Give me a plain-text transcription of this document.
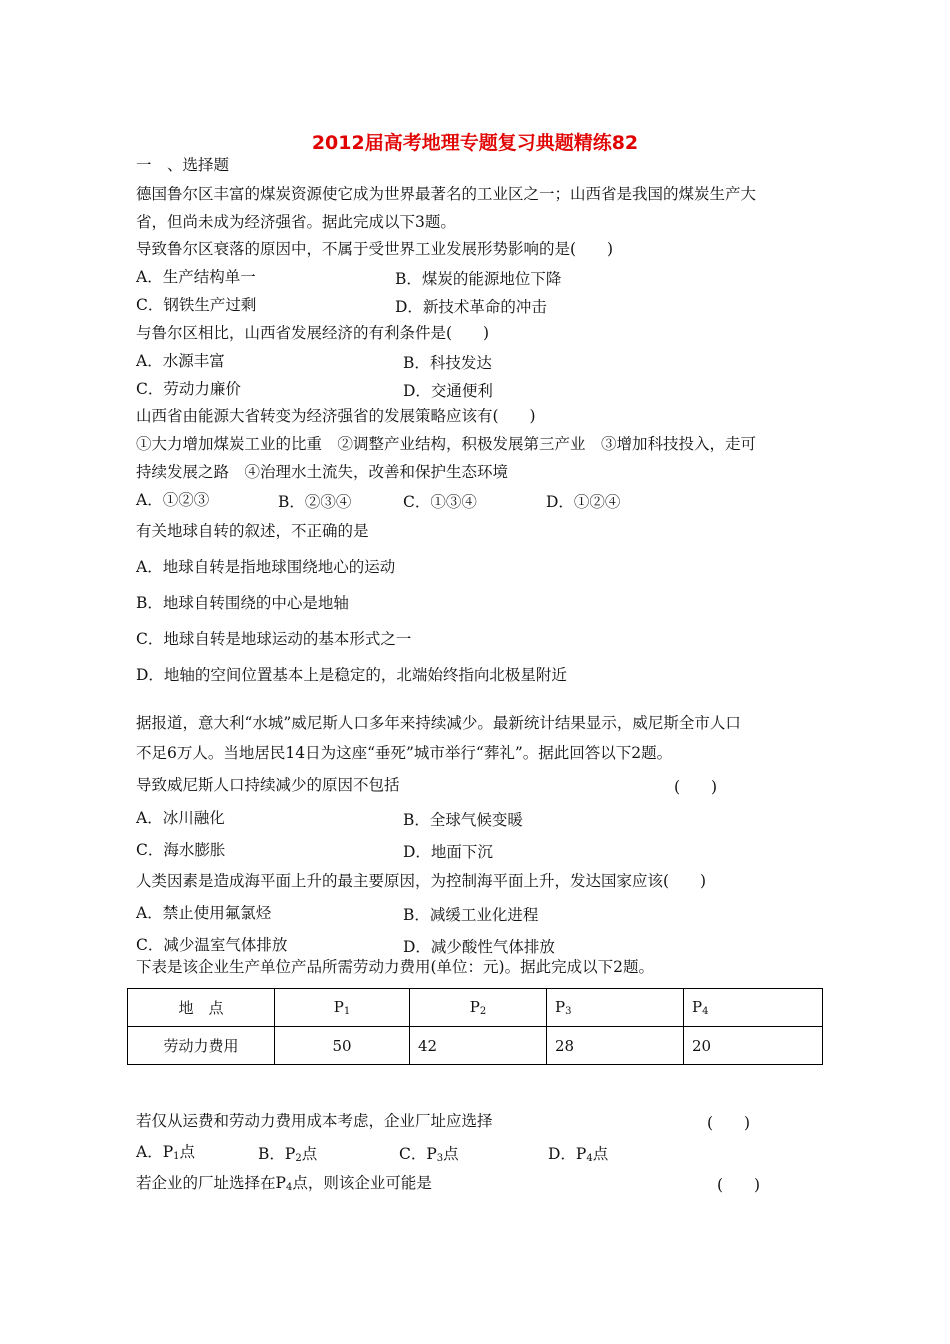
2012届高考地理专题复习典题精练82
一　、选择题
德国鲁尔区丰富的煤炭资源使它成为世界最著名的工业区之一；山西省是我国的煤炭生产大
省，但尚未成为经济强省。据此完成以下3题。
导致鲁尔区衰落的原因中，不属于受世界工业发展形势影响的是(　　)
A．生产结构单一	B．煤炭的能源地位下降
C．钢铁生产过剩	D．新技术革命的冲击
与鲁尔区相比，山西省发展经济的有利条件是(　　)
A．水源丰富	B．科技发达
C．劳动力廉价	D．交通便利
山西省由能源大省转变为经济强省的发展策略应该有(　　)
①大力增加煤炭工业的比重　②调整产业结构，积极发展第三产业　③增加科技投入，走可
持续发展之路　④治理水土流失，改善和保护生态环境
A．①②③	B．②③④	C．①③④	D．①②④
有关地球自转的叙述，不正确的是
A．地球自转是指地球围绕地心的运动
B．地球自转围绕的中心是地轴
C．地球自转是地球运动的基本形式之一
D．地轴的空间位置基本上是稳定的，北端始终指向北极星附近
据报道，意大利“水城”威尼斯人口多年来持续减少。最新统计结果显示，威尼斯全市人口
不足6万人。当地居民14日为这座“垂死”城市举行“葬礼”。据此回答以下2题。
导致威尼斯人口持续减少的原因不包括	(　　)
A．冰川融化	B．全球气候变暖
C．海水膨胀	D．地面下沉
人类因素是造成海平面上升的最主要原因，为控制海平面上升，发达国家应该(　　)
A．禁止使用氟氯烃	B．减缓工业化进程
C．减少温室气体排放	D．减少酸性气体排放
下表是该企业生产单位产品所需劳动力费用(单位：元)。据此完成以下2题。
地　点	$P_1$	$P_2$	$P_3$	$P_4$
劳动力费用	50	42	28	20
若仅从运费和劳动力费用成本考虑，企业厂址应选择	(　　)
A．$P_1$点	B．$P_2$点	C．$P_3$点	D．$P_4$点
若企业的厂址选择在$P_4$点，则该企业可能是	(　　)
